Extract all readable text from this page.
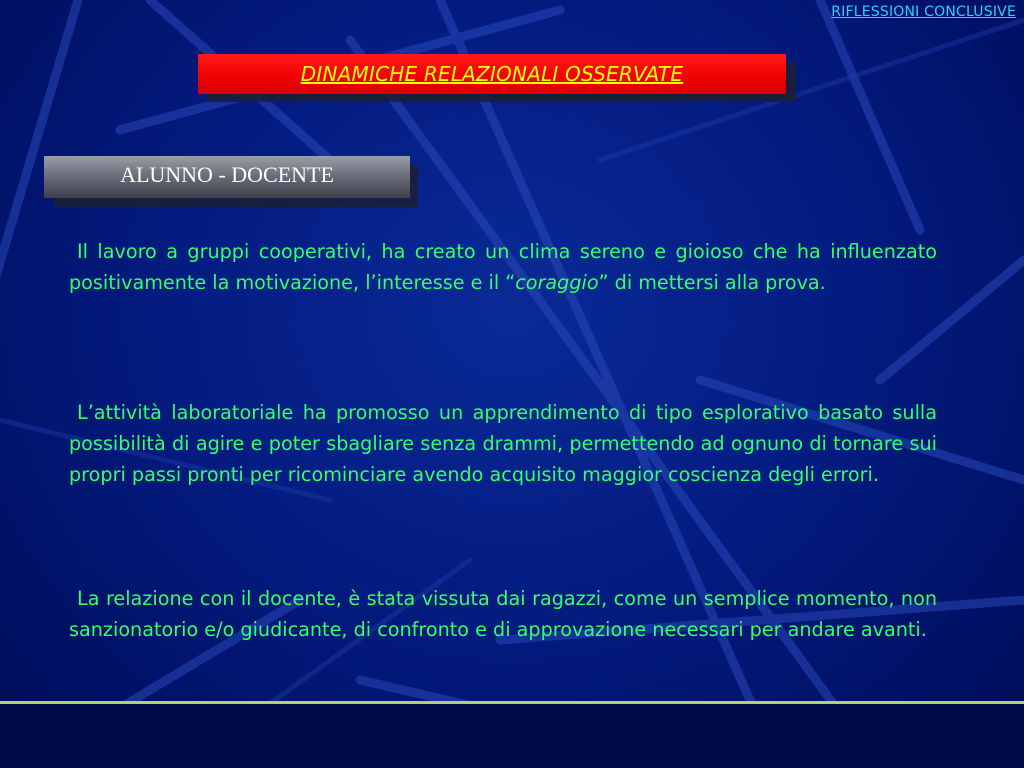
RIFLESSIONI CONCLUSIVE
DINAMICHE RELAZIONALI OSSERVATE
ALUNNO - DOCENTE

Il lavoro a gruppi cooperativi, ha creato un clima sereno e gioioso che ha influenzato positivamente la motivazione, l’interesse e il “coraggio” di mettersi alla prova.

L’attività laboratoriale ha promosso un apprendimento di tipo esplorativo basato sulla possibilità di agire e poter sbagliare senza drammi, permettendo ad ognuno di tornare sui propri passi pronti per ricominciare avendo acquisito maggior coscienza degli errori.

La relazione con il docente, è stata vissuta dai ragazzi, come un semplice momento, non sanzionatorio e/o giudicante, di confronto e di approvazione necessari per andare avanti.
